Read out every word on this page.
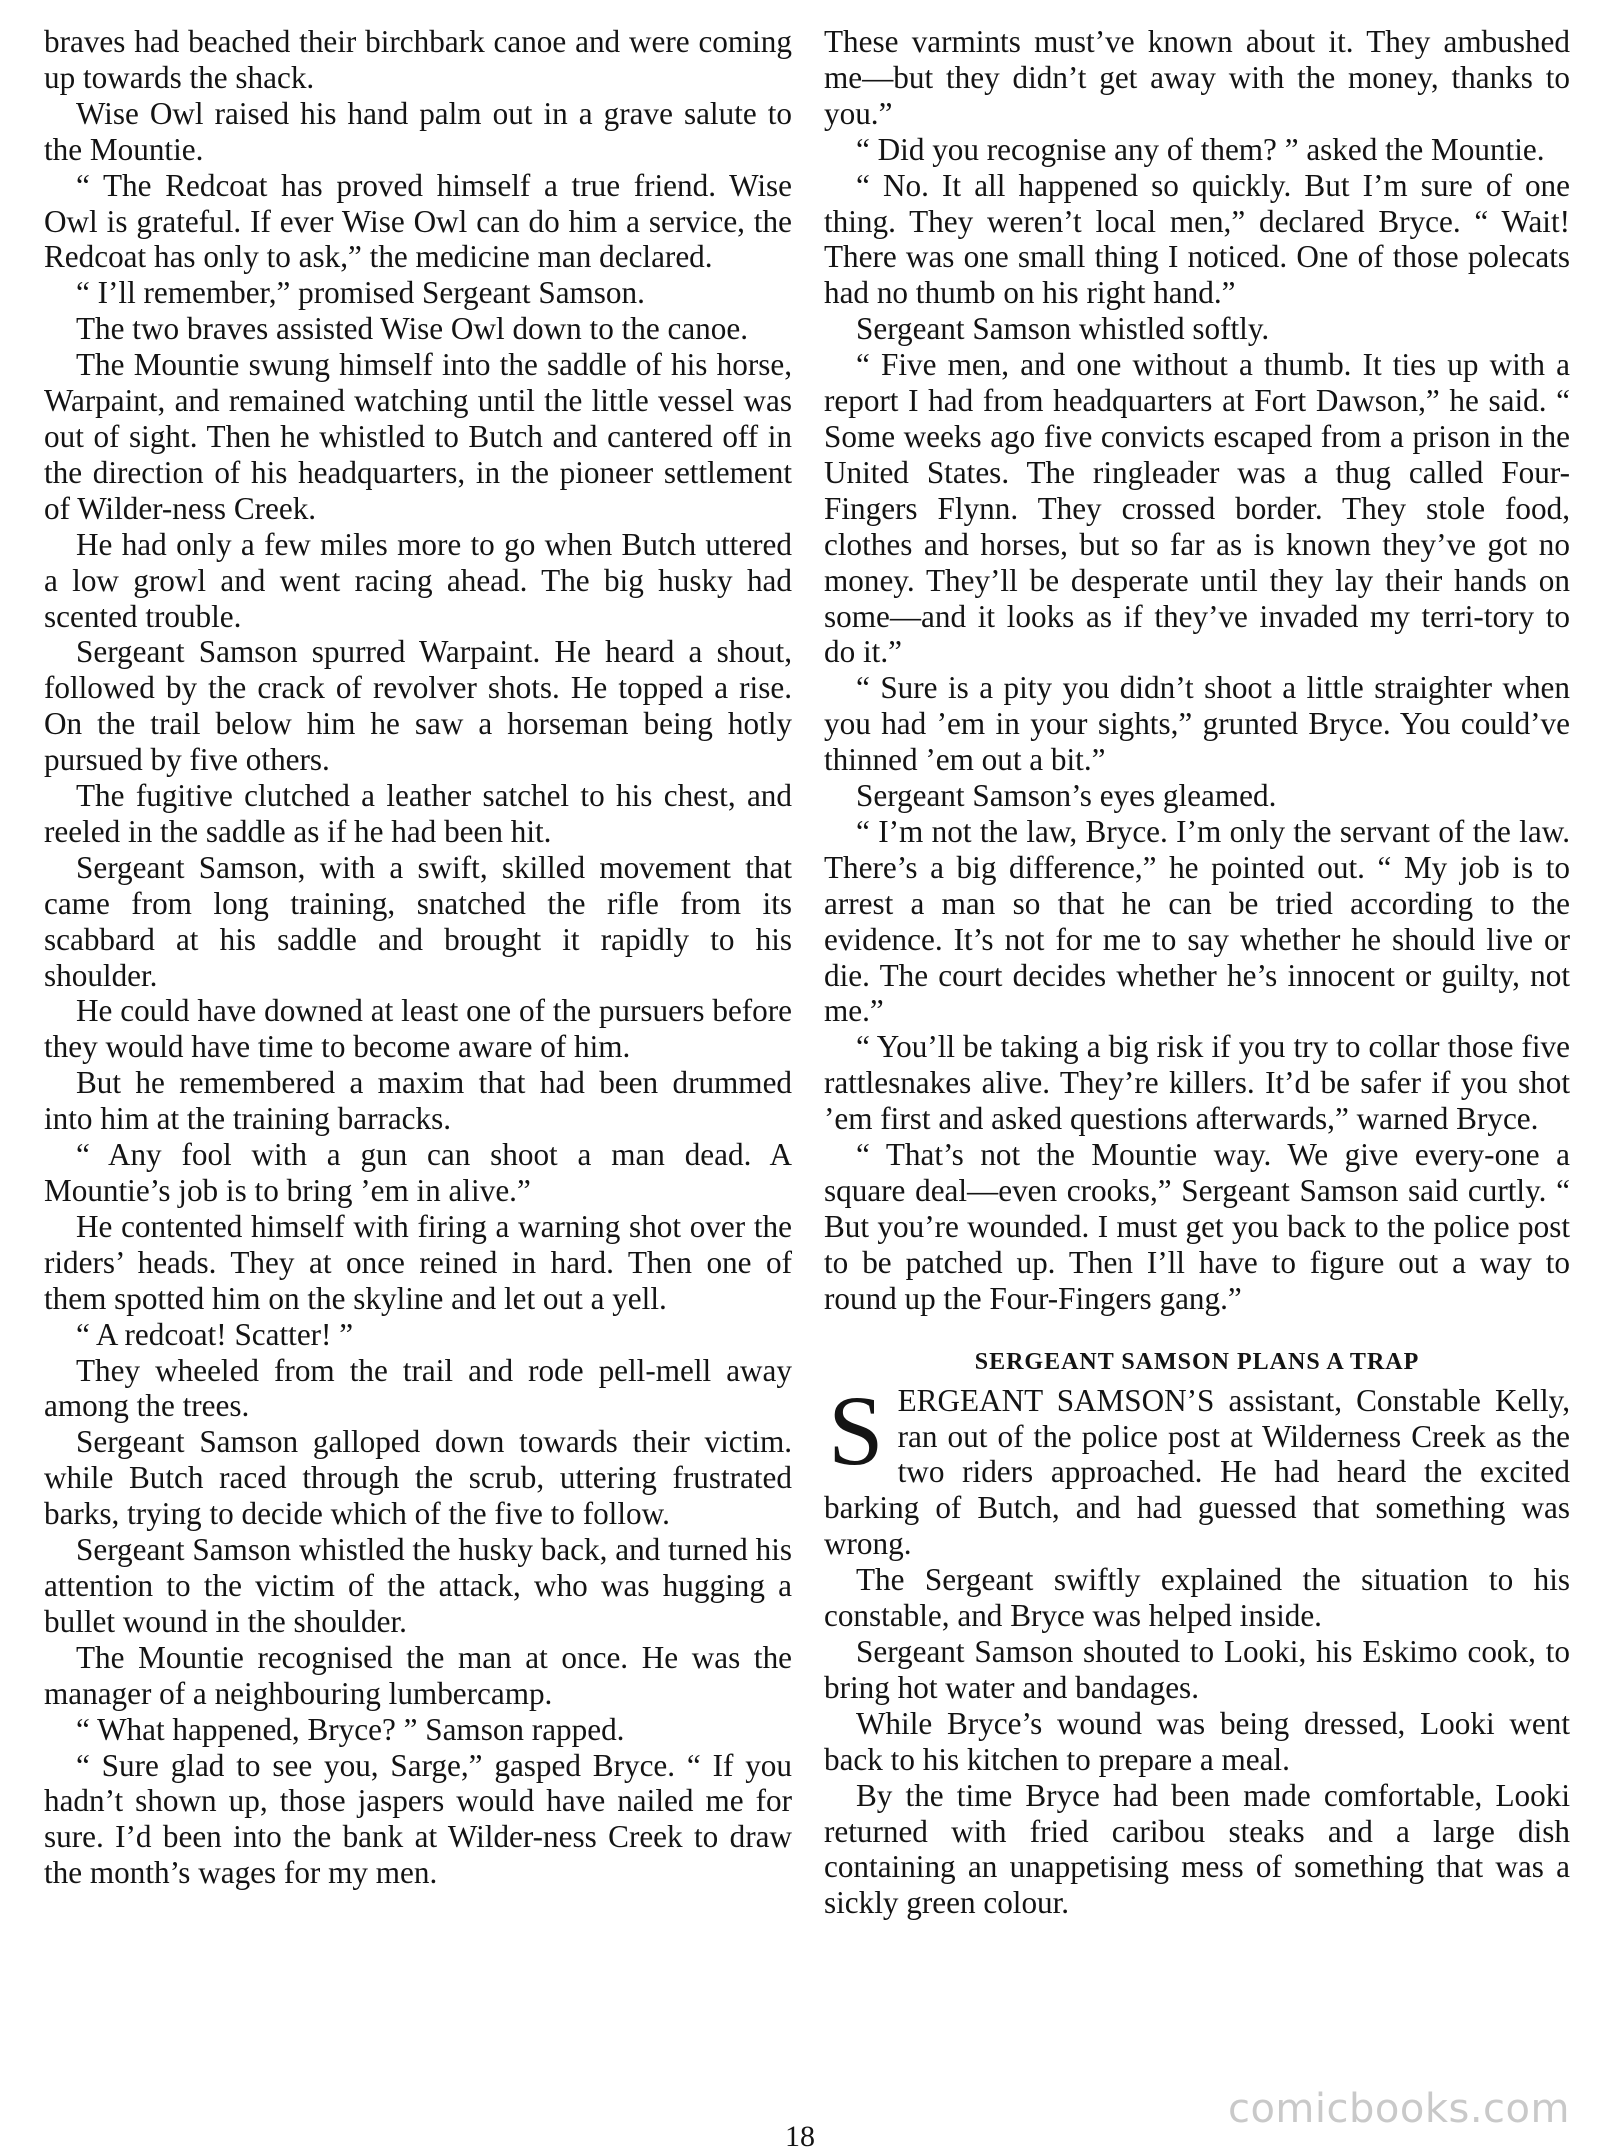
braves had beached their birchbark canoe and were coming up towards the shack.

Wise Owl raised his hand palm out in a grave salute to the Mountie.

“ The Redcoat has proved himself a true friend. Wise Owl is grateful. If ever Wise Owl can do him a service, the Redcoat has only to ask,” the medicine man declared.

“ I’ll remember,” promised Sergeant Samson.

The two braves assisted Wise Owl down to the canoe.

The Mountie swung himself into the saddle of his horse, Warpaint, and remained watching until the little vessel was out of sight. Then he whistled to Butch and cantered off in the direction of his headquarters, in the pioneer settlement of Wilder-ness Creek.

He had only a few miles more to go when Butch uttered a low growl and went racing ahead. The big husky had scented trouble.

Sergeant Samson spurred Warpaint. He heard a shout, followed by the crack of revolver shots. He topped a rise. On the trail below him he saw a horseman being hotly pursued by five others.

The fugitive clutched a leather satchel to his chest, and reeled in the saddle as if he had been hit.

Sergeant Samson, with a swift, skilled movement that came from long training, snatched the rifle from its scabbard at his saddle and brought it rapidly to his shoulder.

He could have downed at least one of the pursuers before they would have time to become aware of him.

But he remembered a maxim that had been drummed into him at the training barracks.

“ Any fool with a gun can shoot a man dead. A Mountie’s job is to bring ’em in alive.”

He contented himself with firing a warning shot over the riders’ heads. They at once reined in hard. Then one of them spotted him on the skyline and let out a yell.

“ A redcoat! Scatter! ”

They wheeled from the trail and rode pell-mell away among the trees.

Sergeant Samson galloped down towards their victim. while Butch raced through the scrub, uttering frustrated barks, trying to decide which of the five to follow.

Sergeant Samson whistled the husky back, and turned his attention to the victim of the attack, who was hugging a bullet wound in the shoulder.

The Mountie recognised the man at once. He was the manager of a neighbouring lumbercamp.

“ What happened, Bryce? ” Samson rapped.

“ Sure glad to see you, Sarge,” gasped Bryce. “ If you hadn’t shown up, those jaspers would have nailed me for sure. I’d been into the bank at Wilder-ness Creek to draw the month’s wages for my men.

These varmints must’ve known about it. They ambushed me—but they didn’t get away with the money, thanks to you.”

“ Did you recognise any of them? ” asked the Mountie.

“ No. It all happened so quickly. But I’m sure of one thing. They weren’t local men,” declared Bryce. “ Wait! There was one small thing I noticed. One of those polecats had no thumb on his right hand.”

Sergeant Samson whistled softly.

“ Five men, and one without a thumb. It ties up with a report I had from headquarters at Fort Dawson,” he said. “ Some weeks ago five convicts escaped from a prison in the United States. The ringleader was a thug called Four-Fingers Flynn. They crossed border. They stole food, clothes and horses, but so far as is known they’ve got no money. They’ll be desperate until they lay their hands on some—and it looks as if they’ve invaded my terri-tory to do it.”

“ Sure is a pity you didn’t shoot a little straighter when you had ’em in your sights,” grunted Bryce. You could’ve thinned ’em out a bit.”

Sergeant Samson’s eyes gleamed.

“ I’m not the law, Bryce. I’m only the servant of the law. There’s a big difference,” he pointed out. “ My job is to arrest a man so that he can be tried according to the evidence. It’s not for me to say whether he should live or die. The court decides whether he’s innocent or guilty, not me.”

“ You’ll be taking a big risk if you try to collar those five rattlesnakes alive. They’re killers. It’d be safer if you shot ’em first and asked questions afterwards,” warned Bryce.

“ That’s not the Mountie way. We give every-one a square deal—even crooks,” Sergeant Samson said curtly. “ But you’re wounded. I must get you back to the police post to be patched up. Then I’ll have to figure out a way to round up the Four-Fingers gang.”

SERGEANT SAMSON PLANS A TRAP
SERGEANT SAMSON’S assistant, Constable Kelly, ran out of the police post at Wilderness Creek as the two riders approached. He had heard the excited barking of Butch, and had guessed that something was wrong.

The Sergeant swiftly explained the situation to his constable, and Bryce was helped inside.

Sergeant Samson shouted to Looki, his Eskimo cook, to bring hot water and bandages.

While Bryce’s wound was being dressed, Looki went back to his kitchen to prepare a meal.

By the time Bryce had been made comfortable, Looki returned with fried caribou steaks and a large dish containing an unappetising mess of something that was a sickly green colour.

18
comicbooks.com
